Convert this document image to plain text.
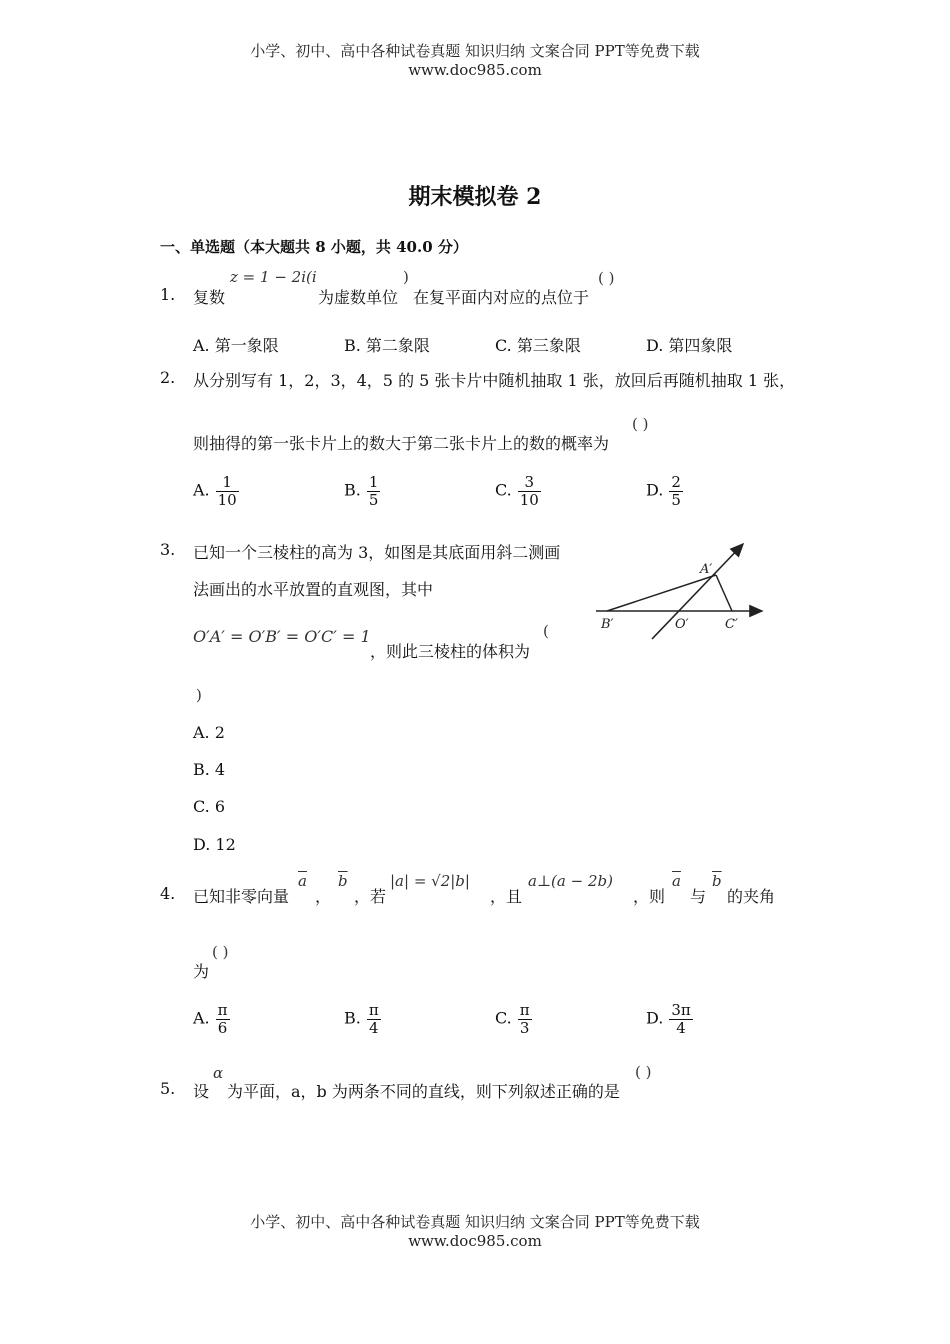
小学、初中、高中各种试卷真题 知识归纳 文案合同 PPT等免费下载
www.doc985.com
期末模拟卷 2
一、单选题（本大题共 8 小题，共 40.0 分）
1. 复数
z = 1 − 2i(i
为虚数单位
)
在复平面内对应的点位于
( )
A. 第一象限	B. 第二象限	C. 第三象限	D. 第四象限
2. 从分别写有 1，2，3，4，5 的 5 张卡片中随机抽取 1 张，放回后再随机抽取 1 张，
则抽得的第一张卡片上的数大于第二张卡片上的数的概率为
( )
A. $\frac{1}{10}$	B. $\frac{1}{5}$	C. $\frac{3}{10}$	D. $\frac{2}{5}$
3. 已知一个三棱柱的高为 3，如图是其底面用斜二测画
法画出的水平放置的直观图，其中
O′A′ = O′B′ = O′C′ = 1
，则此三棱柱的体积为
(
)
A′
B′	O′	C′
A. 2
B. 4
C. 6
D. 12
4. 已知非零向量
$\overline{a}$
，
$\overline{b}$
，若
|a| = √2|b|
，且
a⊥(a − 2b)
，则
$\overline{a}$
与
$\overline{b}$
的夹角
为
( )
A. $\frac{\pi}{6}$	B. $\frac{\pi}{4}$	C. $\frac{\pi}{3}$	D. $\frac{3\pi}{4}$
5. 设
α
为平面，a，b 为两条不同的直线，则下列叙述正确的是
( )
小学、初中、高中各种试卷真题 知识归纳 文案合同 PPT等免费下载
www.doc985.com
